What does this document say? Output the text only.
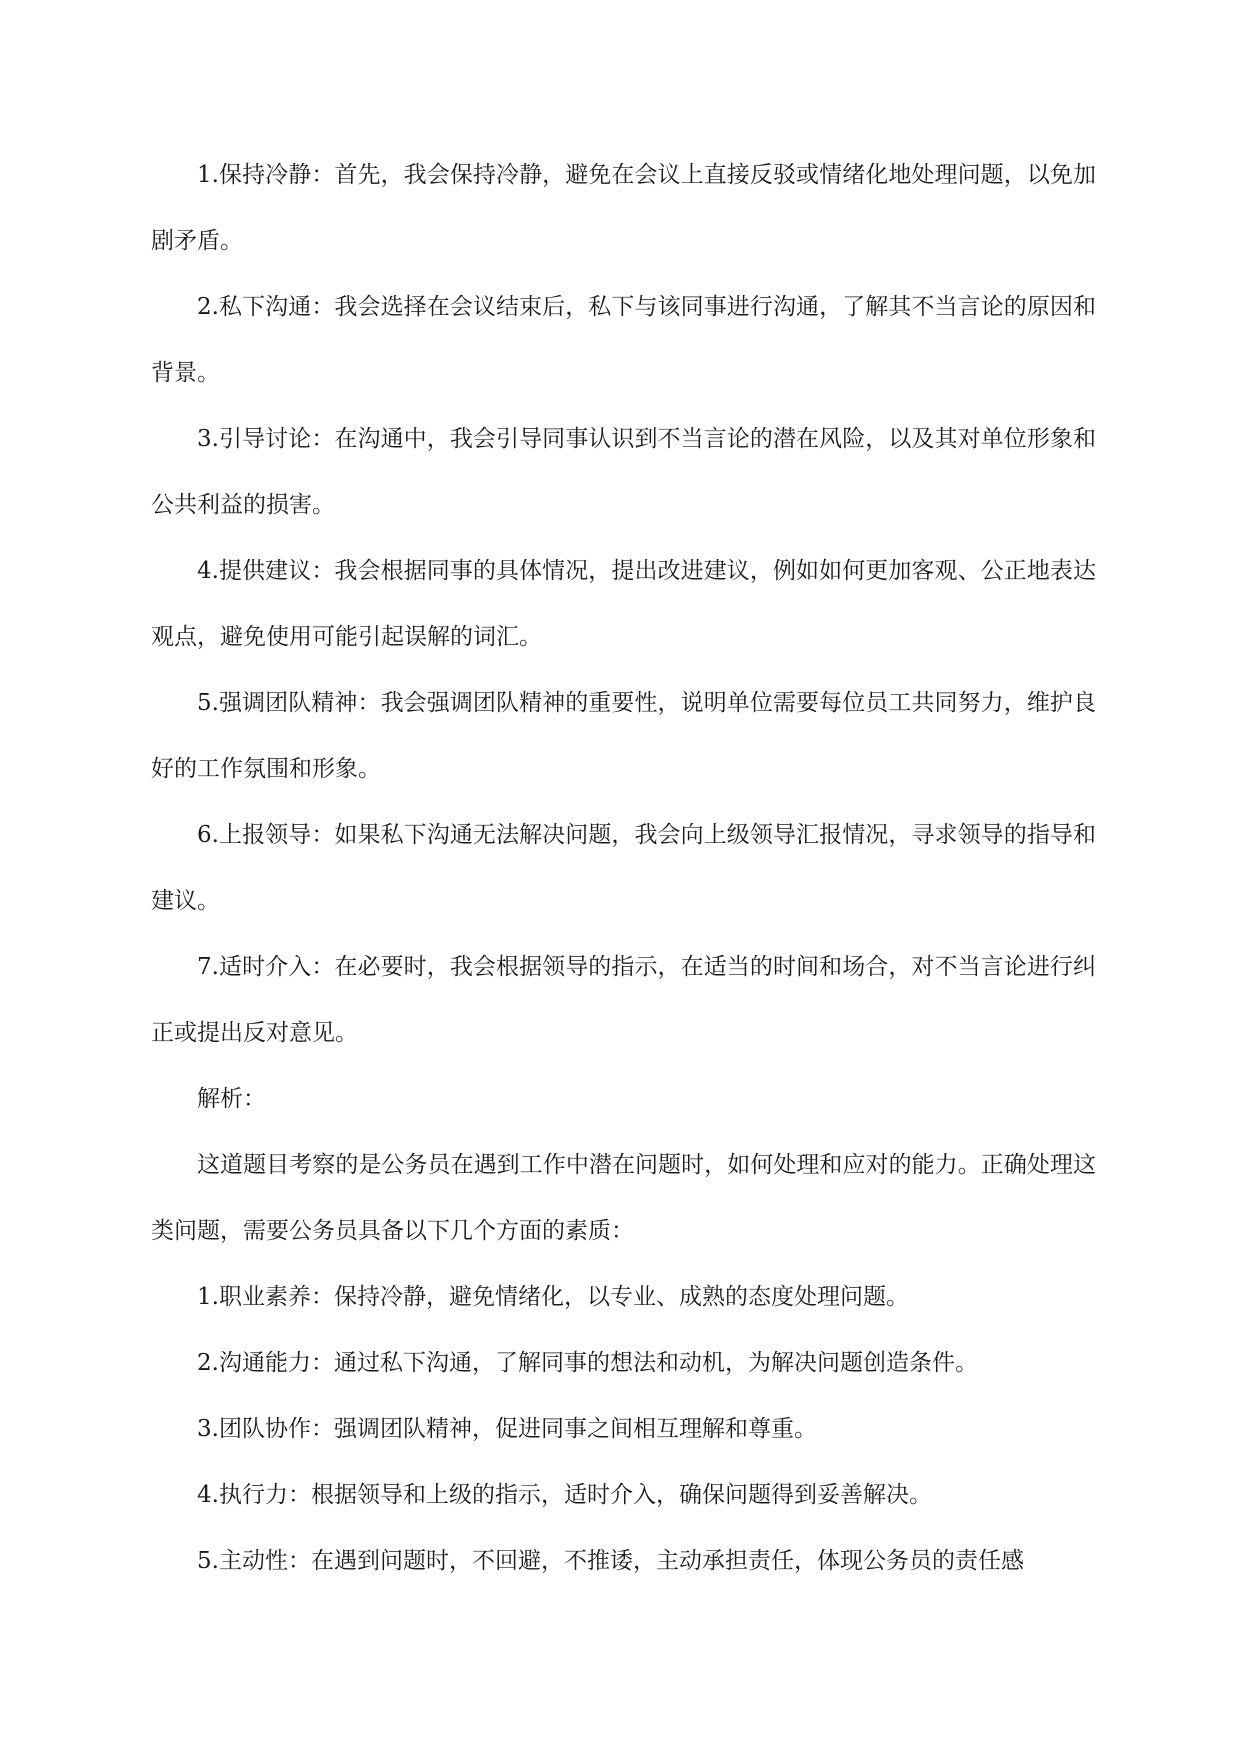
1.保持冷静：首先，我会保持冷静，避免在会议上直接反驳或情绪化地处理问题，以免加剧矛盾。

2.私下沟通：我会选择在会议结束后，私下与该同事进行沟通，了解其不当言论的原因和背景。

3.引导讨论：在沟通中，我会引导同事认识到不当言论的潜在风险，以及其对单位形象和公共利益的损害。

4.提供建议：我会根据同事的具体情况，提出改进建议，例如如何更加客观、公正地表达观点，避免使用可能引起误解的词汇。

5.强调团队精神：我会强调团队精神的重要性，说明单位需要每位员工共同努力，维护良好的工作氛围和形象。

6.上报领导：如果私下沟通无法解决问题，我会向上级领导汇报情况，寻求领导的指导和建议。

7.适时介入：在必要时，我会根据领导的指示，在适当的时间和场合，对不当言论进行纠正或提出反对意见。

解析：

这道题目考察的是公务员在遇到工作中潜在问题时，如何处理和应对的能力。正确处理这类问题，需要公务员具备以下几个方面的素质：

1.职业素养：保持冷静，避免情绪化，以专业、成熟的态度处理问题。

2.沟通能力：通过私下沟通，了解同事的想法和动机，为解决问题创造条件。

3.团队协作：强调团队精神，促进同事之间相互理解和尊重。

4.执行力：根据领导和上级的指示，适时介入，确保问题得到妥善解决。

5.主动性：在遇到问题时，不回避，不推诿，主动承担责任，体现公务员的责任感
